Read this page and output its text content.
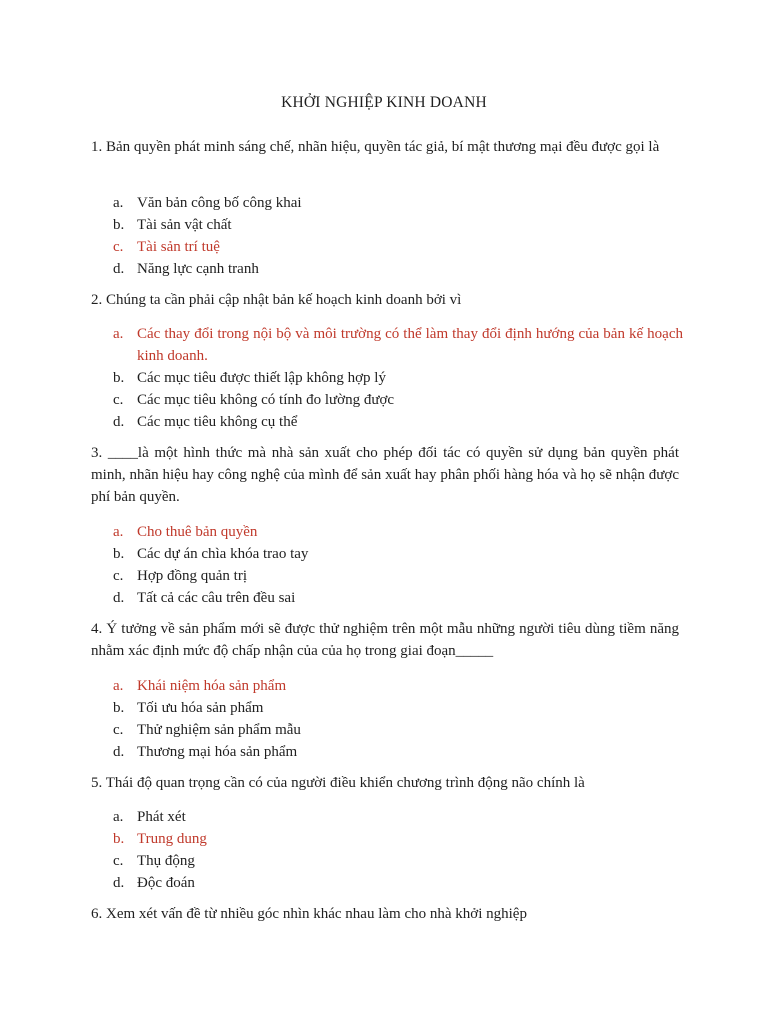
KHỞI NGHIỆP KINH DOANH
1. Bản quyền phát minh sáng chế, nhãn hiệu, quyền tác giả, bí mật thương mại đều được gọi là
a. Văn bản công bố công khai
b. Tài sản vật chất
c. Tài sản trí tuệ
d. Năng lực cạnh tranh
2. Chúng ta cần phải cập nhật bản kế hoạch kinh doanh bởi vì
a. Các thay đổi trong nội bộ và môi trường có thể làm thay đổi định hướng của bản kế hoạch kinh doanh.
b. Các mục tiêu được thiết lập không hợp lý
c. Các mục tiêu không có tính đo lường được
d. Các mục tiêu không cụ thể
3. ____là một hình thức mà nhà sản xuất cho phép đối tác có quyền sử dụng bản quyền phát minh, nhãn hiệu hay công nghệ của mình để sản xuất hay phân phối hàng hóa và họ sẽ nhận được phí bản quyền.
a. Cho thuê bản quyền
b. Các dự án chìa khóa trao tay
c. Hợp đồng quản trị
d. Tất cả các câu trên đều sai
4. Ý tưởng về sản phẩm mới sẽ được thử nghiệm trên một mẫu những người tiêu dùng tiềm năng nhằm xác định mức độ chấp nhận của của họ trong giai đoạn_____
a. Khái niệm hóa sản phẩm
b. Tối ưu hóa sản phẩm
c. Thử nghiệm sản phẩm mẫu
d. Thương mại hóa sản phẩm
5. Thái độ quan trọng cần có của người điều khiển chương trình động não chính là
a. Phát xét
b. Trung dung
c. Thụ động
d. Độc đoán
6. Xem xét vấn đề từ nhiều góc nhìn khác nhau làm cho nhà khởi nghiệp
